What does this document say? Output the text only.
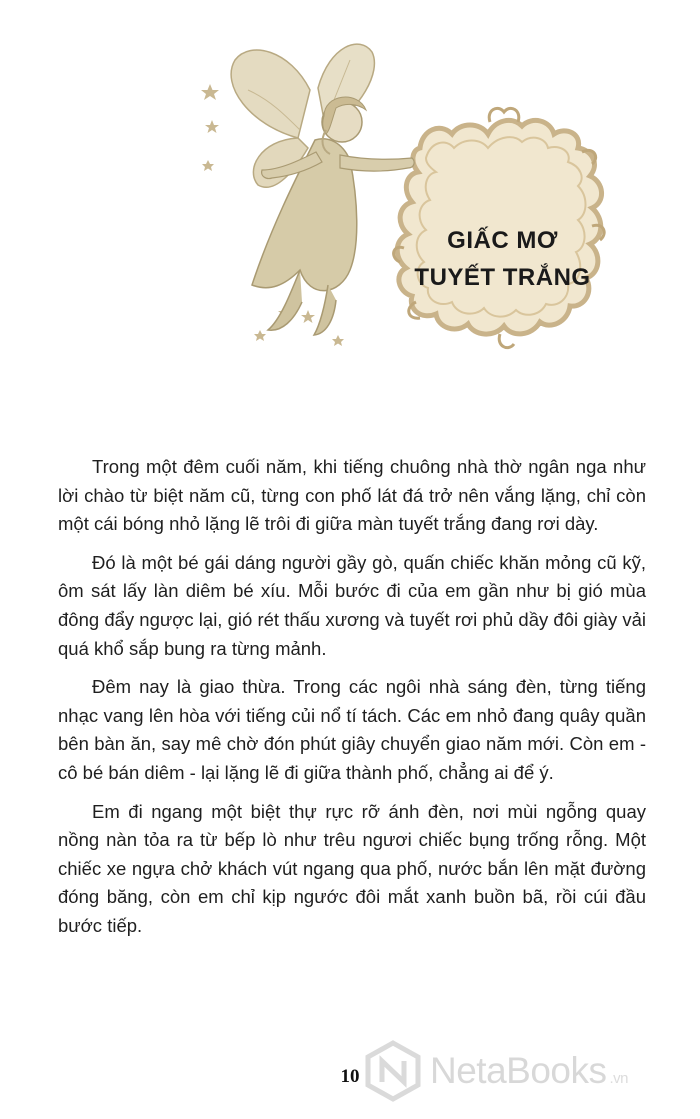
GIẤC MƠ
TUYẾT TRẮNG

Trong một đêm cuối năm, khi tiếng chuông nhà thờ ngân nga như lời chào từ biệt năm cũ, từng con phố lát đá trở nên vắng lặng, chỉ còn một cái bóng nhỏ lặng lẽ trôi đi giữa màn tuyết trắng đang rơi dày.

Đó là một bé gái dáng người gầy gò, quấn chiếc khăn mỏng cũ kỹ, ôm sát lấy làn diêm bé xíu. Mỗi bước đi của em gần như bị gió mùa đông đẩy ngược lại, gió rét thấu xương và tuyết rơi phủ dầy đôi giày vải quá khổ sắp bung ra từng mảnh.

Đêm nay là giao thừa. Trong các ngôi nhà sáng đèn, từng tiếng nhạc vang lên hòa với tiếng củi nổ tí tách. Các em nhỏ đang quây quần bên bàn ăn, say mê chờ đón phút giây chuyển giao năm mới. Còn em - cô bé bán diêm - lại lặng lẽ đi giữa thành phố, chẳng ai để ý.

Em đi ngang một biệt thự rực rỡ ánh đèn, nơi mùi ngỗng quay nồng nàn tỏa ra từ bếp lò như trêu ngươi chiếc bụng trống rỗng. Một chiếc xe ngựa chở khách vút ngang qua phố, nước bắn lên mặt đường đóng băng, còn em chỉ kịp ngước đôi mắt xanh buồn bã, rồi cúi đầu bước tiếp.

10	NetaBooks .vn
